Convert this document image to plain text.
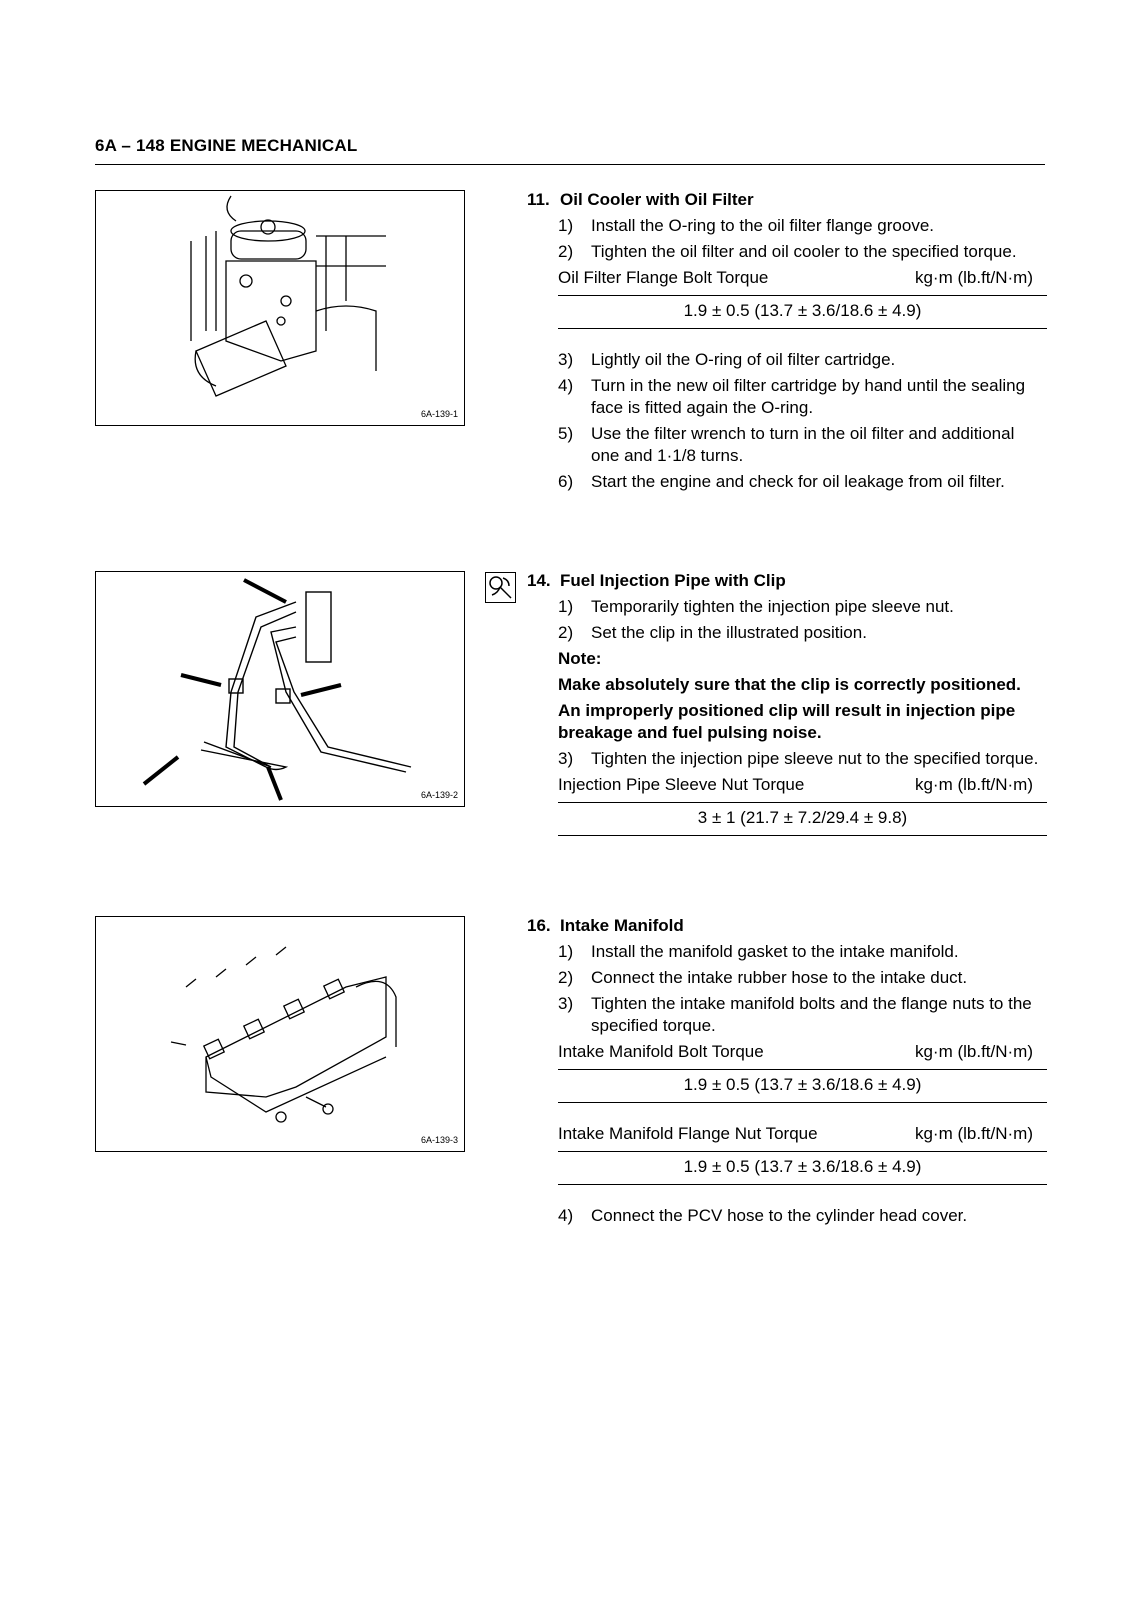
6A – 148 ENGINE MECHANICAL
6A-139-1
11. Oil Cooler with Oil Filter
1)	Install the O-ring to the oil filter flange groove.
2)	Tighten the oil filter and oil cooler to the specified torque.
Oil Filter Flange Bolt Torque	kg·m (lb.ft/N·m)
1.9 ± 0.5 (13.7 ± 3.6/18.6 ± 4.9)
3)	Lightly oil the O-ring of oil filter cartridge.
4)	Turn in the new oil filter cartridge by hand until the sealing face is fitted again the O-ring.
5)	Use the filter wrench to turn in the oil filter and additional one and 1·1/8 turns.
6)	Start the engine and check for oil leakage from oil filter.
6A-139-2
14. Fuel Injection Pipe with Clip
1)	Temporarily tighten the injection pipe sleeve nut.
2)	Set the clip in the illustrated position.
Note:
Make absolutely sure that the clip is correctly positioned.
An improperly positioned clip will result in injection pipe breakage and fuel pulsing noise.
3)	Tighten the injection pipe sleeve nut to the specified torque.
Injection Pipe Sleeve Nut Torque	kg·m (lb.ft/N·m)
3 ± 1 (21.7 ± 7.2/29.4 ± 9.8)
6A-139-3
16. Intake Manifold
1)	Install the manifold gasket to the intake manifold.
2)	Connect the intake rubber hose to the intake duct.
3)	Tighten the intake manifold bolts and the flange nuts to the specified torque.
Intake Manifold Bolt Torque	kg·m (lb.ft/N·m)
1.9 ± 0.5 (13.7 ± 3.6/18.6 ± 4.9)
Intake Manifold Flange Nut Torque	kg·m (lb.ft/N·m)
1.9 ± 0.5 (13.7 ± 3.6/18.6 ± 4.9)
4)	Connect the PCV hose to the cylinder head cover.
